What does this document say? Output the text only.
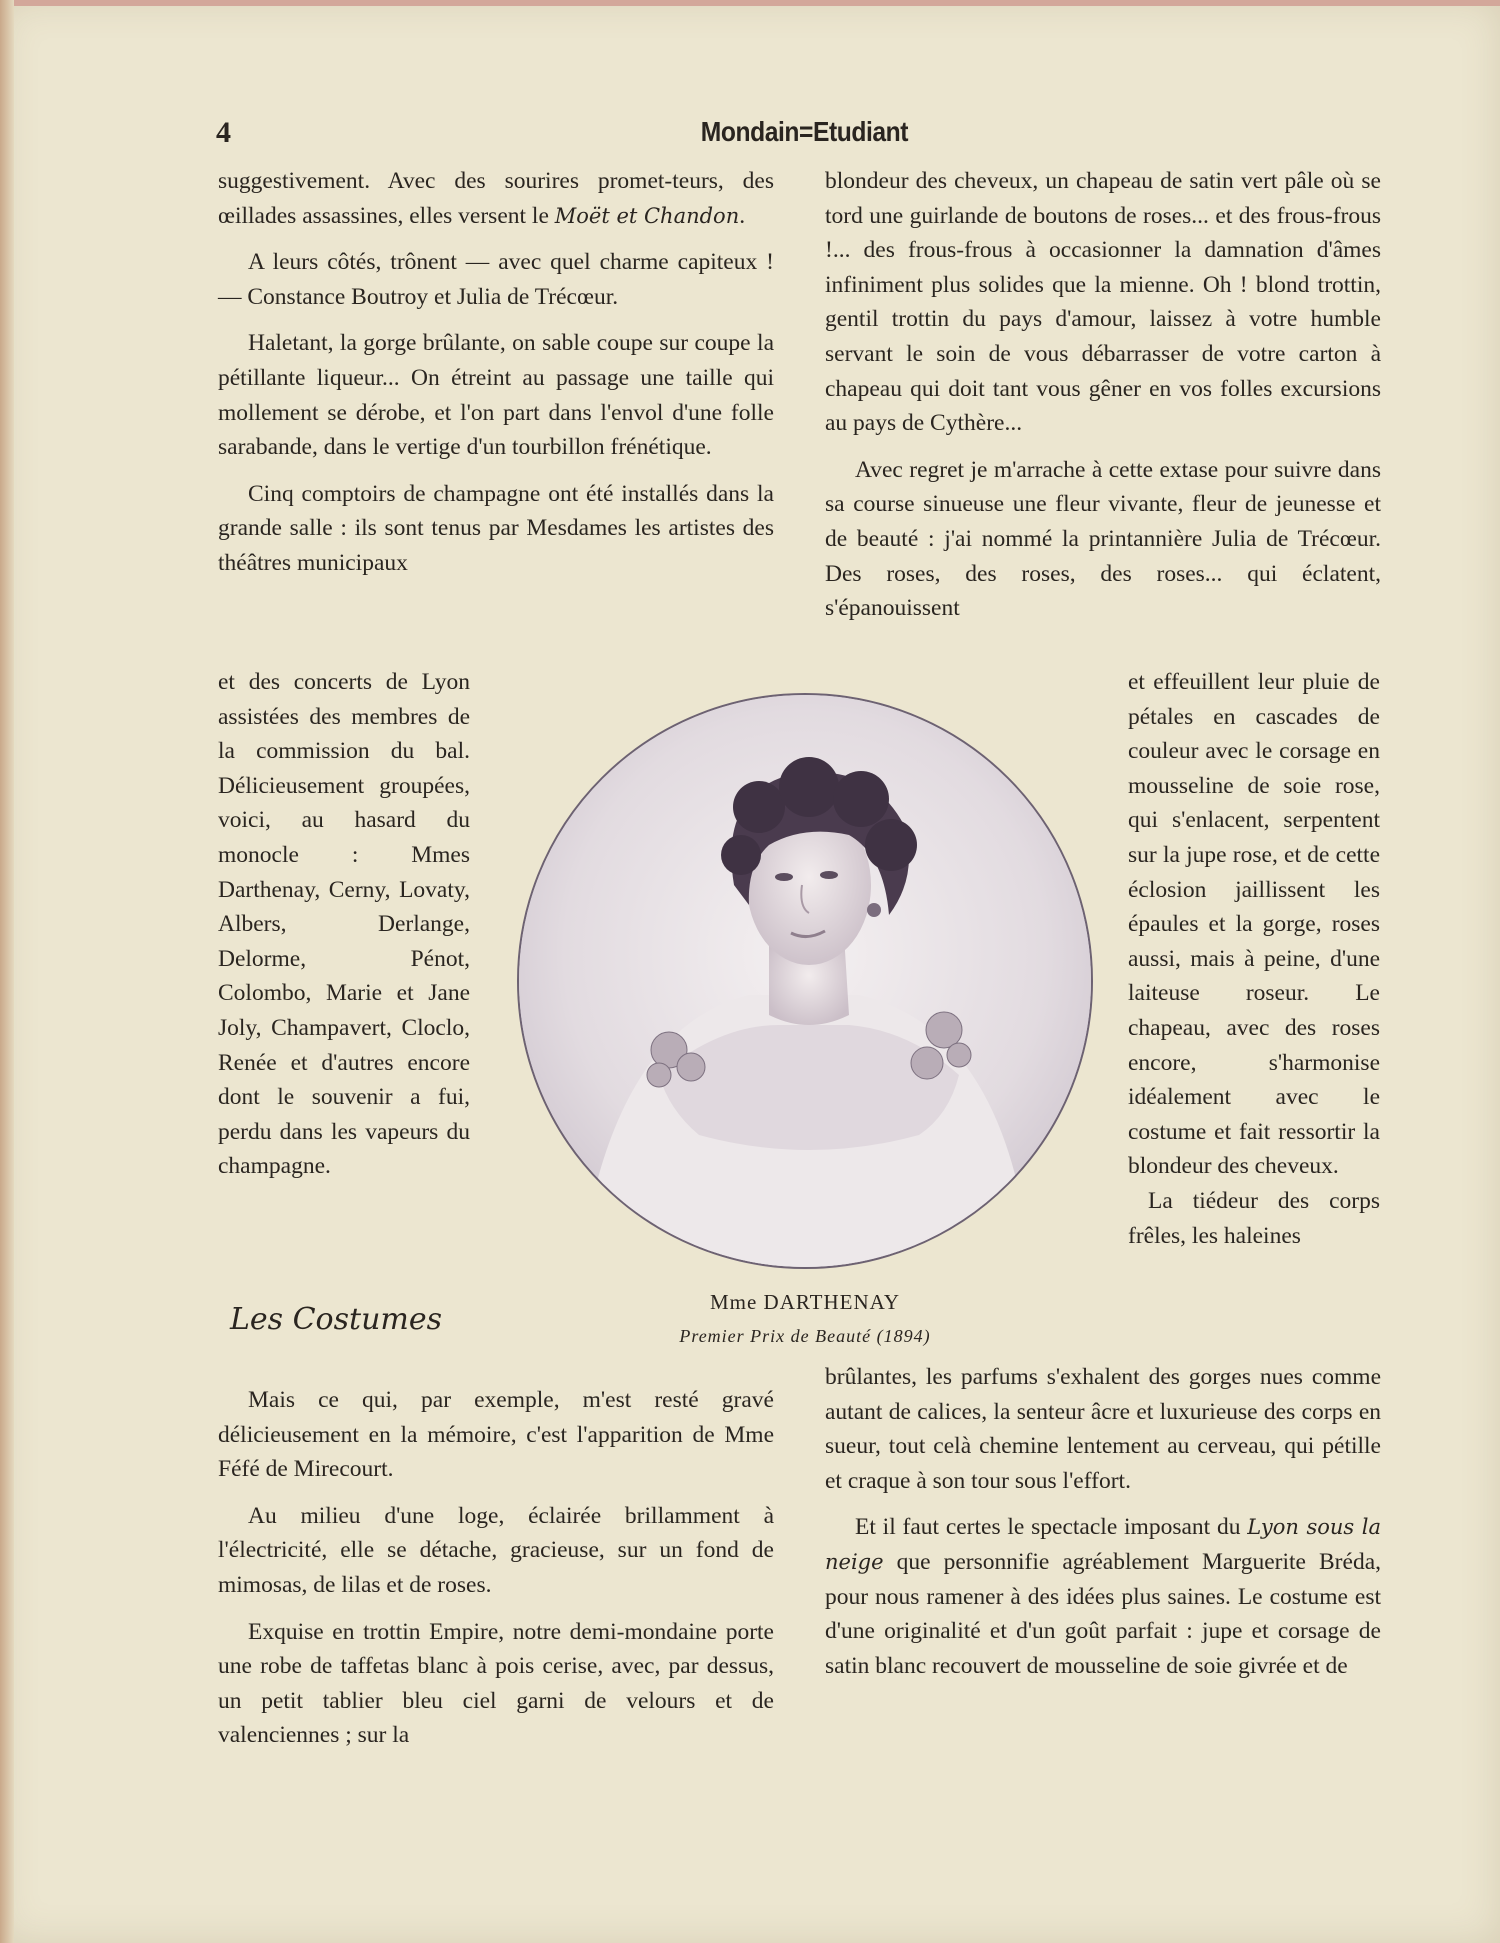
4	Mondain=Etudiant

suggestivement. Avec des sourires promet-teurs, des œillades assassines, elles versent le Moët et Chandon.

A leurs côtés, trônent — avec quel charme capiteux ! — Constance Boutroy et Julia de Trécœur.

Haletant, la gorge brûlante, on sable coupe sur coupe la pétillante liqueur... On étreint au passage une taille qui mollement se dérobe, et l'on part dans l'envol d'une folle sarabande, dans le vertige d'un tourbillon frénétique.

Cinq comptoirs de champagne ont été installés dans la grande salle : ils sont tenus par Mesdames les artistes des théâtres municipaux

et des concerts de Lyon assistées des membres de la commission du bal. Délicieusement groupées, voici, au hasard du monocle : Mmes Darthenay, Cerny, Lovaty, Albers, Derlange, Delorme, Pénot, Colombo, Marie et Jane Joly, Champavert, Cloclo, Renée et d'autres encore dont le souvenir a fui, perdu dans les vapeurs du champagne.

Mme DARTHENAY
Premier Prix de Beauté (1894)
Les Costumes

Mais ce qui, par exemple, m'est resté gravé délicieusement en la mémoire, c'est l'apparition de Mme Féfé de Mirecourt.

Au milieu d'une loge, éclairée brillamment à l'électricité, elle se détache, gracieuse, sur un fond de mimosas, de lilas et de roses.

Exquise en trottin Empire, notre demi-mondaine porte une robe de taffetas blanc à pois cerise, avec, par dessus, un petit tablier bleu ciel garni de velours et de valenciennes ; sur la

blondeur des cheveux, un chapeau de satin vert pâle où se tord une guirlande de boutons de roses... et des frous-frous !... des frous-frous à occasionner la damnation d'âmes infiniment plus solides que la mienne. Oh ! blond trottin, gentil trottin du pays d'amour, laissez à votre humble servant le soin de vous débarrasser de votre carton à chapeau qui doit tant vous gêner en vos folles excursions au pays de Cythère...

Avec regret je m'arrache à cette extase pour suivre dans sa course sinueuse une fleur vivante, fleur de jeunesse et de beauté : j'ai nommé la printannière Julia de Trécœur. Des roses, des roses, des roses... qui éclatent, s'épanouissent

et effeuillent leur pluie de pétales en cascades de couleur avec le corsage en mousseline de soie rose, qui s'enlacent, serpentent sur la jupe rose, et de cette éclosion jaillissent les épaules et la gorge, roses aussi, mais à peine, d'une laiteuse roseur. Le chapeau, avec des roses encore, s'harmonise idéalement avec le costume et fait ressortir la blondeur des cheveux.

La tiédeur des corps frêles, les haleines

brûlantes, les parfums s'exhalent des gorges nues comme autant de calices, la senteur âcre et luxurieuse des corps en sueur, tout celà chemine lentement au cerveau, qui pétille et craque à son tour sous l'effort.

Et il faut certes le spectacle imposant du Lyon sous la neige que personnifie agréablement Marguerite Bréda, pour nous ramener à des idées plus saines. Le costume est d'une originalité et d'un goût parfait : jupe et corsage de satin blanc recouvert de mousseline de soie givrée et de
